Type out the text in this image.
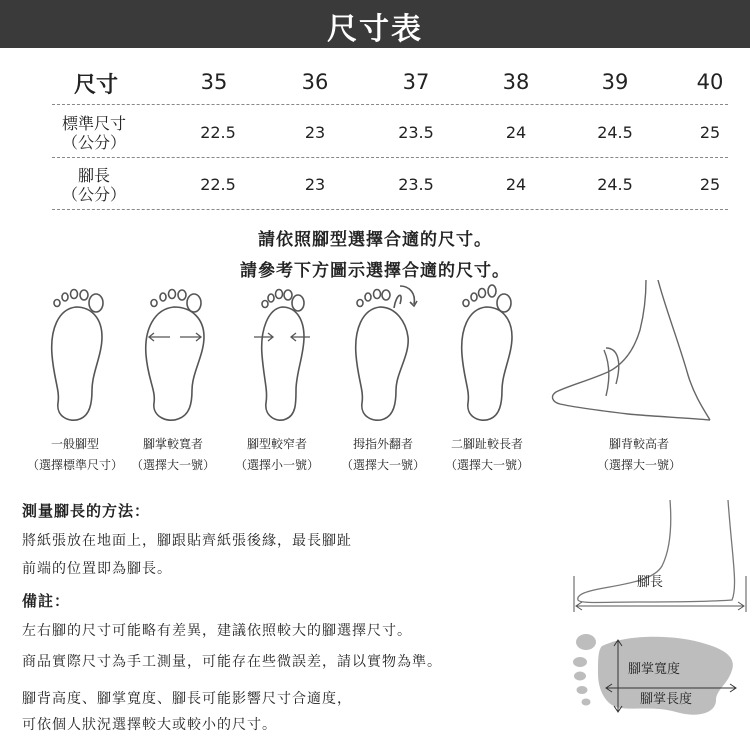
尺寸表
尺寸	35	36	37	38	39	40
標準尺寸
（公分）
22.5	23	23.5	24	24.5	25
腳長
（公分）
22.5	23	23.5	24	24.5	25
請依照腳型選擇合適的尺寸。
請參考下方圖示選擇合適的尺寸。
一般腳型
（選擇標準尺寸）
腳掌較寬者
（選擇大一號）
腳型較窄者
（選擇小一號）
拇指外翻者
（選擇大一號）
二腳趾較長者
（選擇大一號）
腳背較高者
（選擇大一號）
測量腳長的方法：
將紙張放在地面上，腳跟貼齊紙張後緣，最長腳趾
前端的位置即為腳長。
備註：
左右腳的尺寸可能略有差異，建議依照較大的腳選擇尺寸。
商品實際尺寸為手工測量，可能存在些微誤差，請以實物為準。
腳背高度、腳掌寬度、腳長可能影響尺寸合適度，
可依個人狀況選擇較大或較小的尺寸。
腳長
腳掌寬度
腳掌長度
